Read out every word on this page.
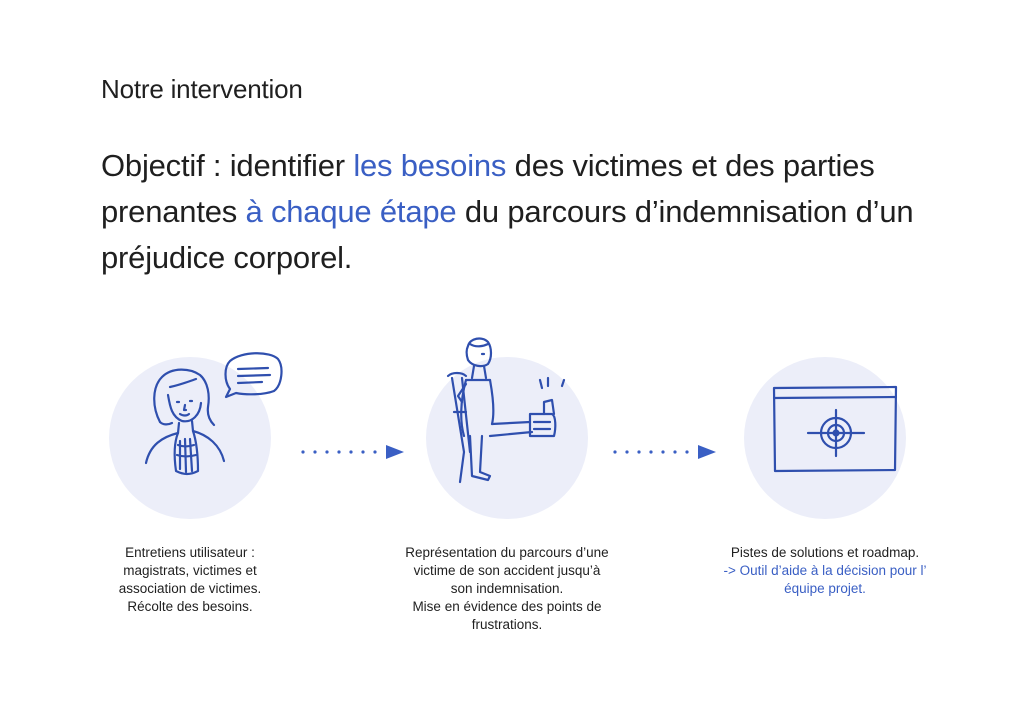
Notre intervention
Objectif : identifier les besoins des victimes et des parties prenantes à chaque étape du parcours d’indemnisation d’un préjudice corporel.
Entretiens utilisateur :
magistrats, victimes et
association de victimes.
Récolte des besoins.
Représentation du parcours d’une
victime de son accident jusqu’à
son indemnisation.
Mise en évidence des points de
frustrations.
Pistes de solutions et roadmap.
-> Outil d’aide à la décision pour l’
équipe projet.
